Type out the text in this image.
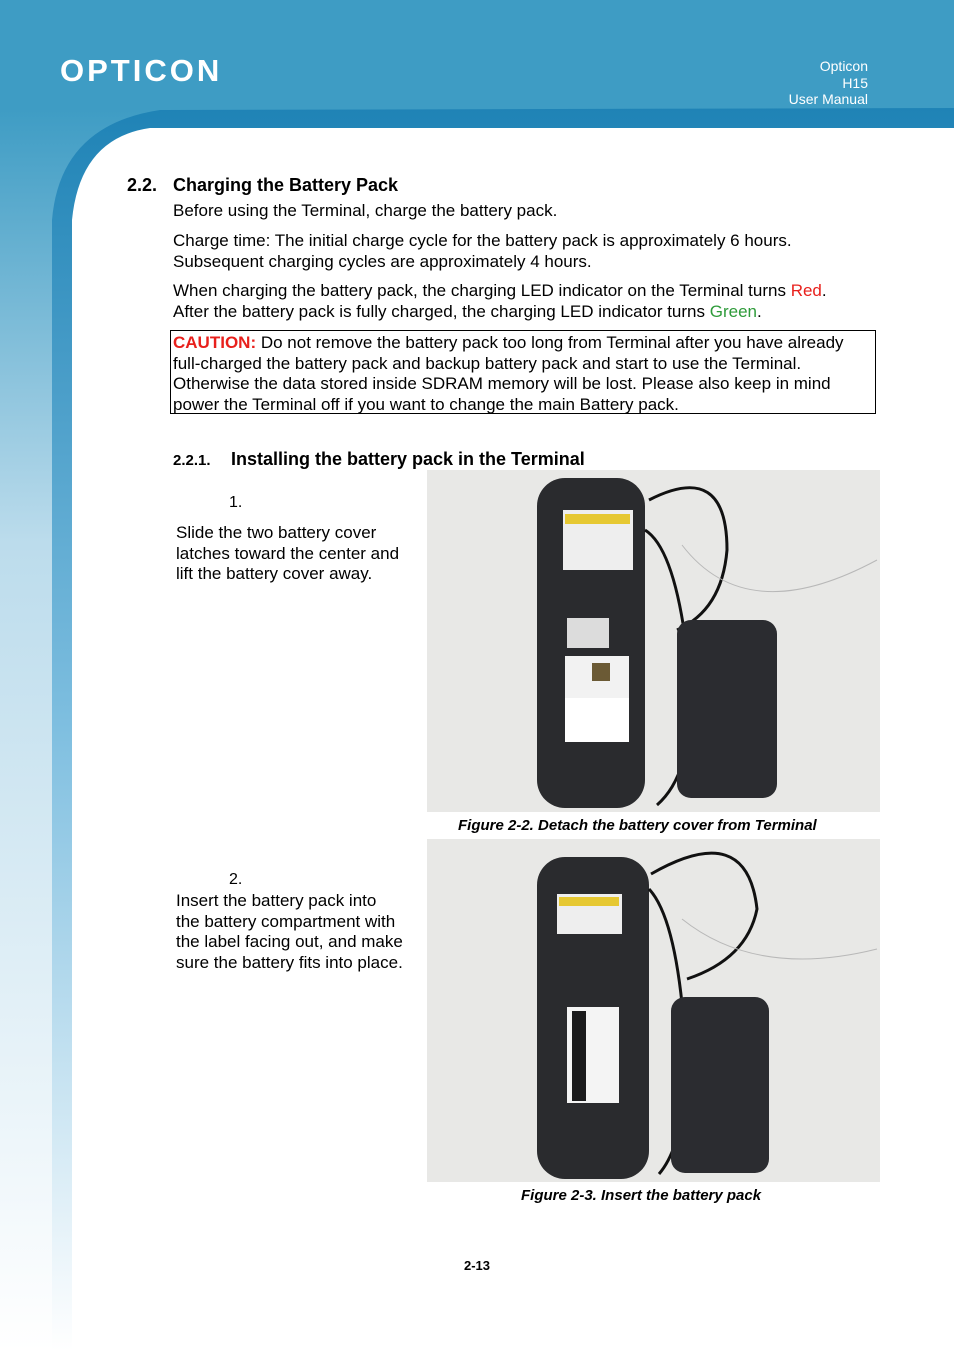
OPTICON	Opticon
H15
User Manual
2.2. Charging the Battery Pack
Before using the Terminal, charge the battery pack.
Charge time: The initial charge cycle for the battery pack is approximately 6 hours.
Subsequent charging cycles are approximately 4 hours.
When charging the battery pack, the charging LED indicator on the Terminal turns Red.
After the battery pack is fully charged, the charging LED indicator turns Green.
CAUTION: Do not remove the battery pack too long from Terminal after you have already
full-charged the battery pack and backup battery pack and start to use the Terminal.
Otherwise the data stored inside SDRAM memory will be lost. Please also keep in mind
power the Terminal off if you want to change the main Battery pack.
2.2.1. Installing the battery pack in the Terminal
1.
Slide the two battery cover
latches toward the center and
lift the battery cover away.
Figure 2-2. Detach the battery cover from Terminal
2.
Insert the battery pack into
the battery compartment with
the label facing out, and make
sure the battery fits into place.
Figure 2-3. Insert the battery pack
2-13
